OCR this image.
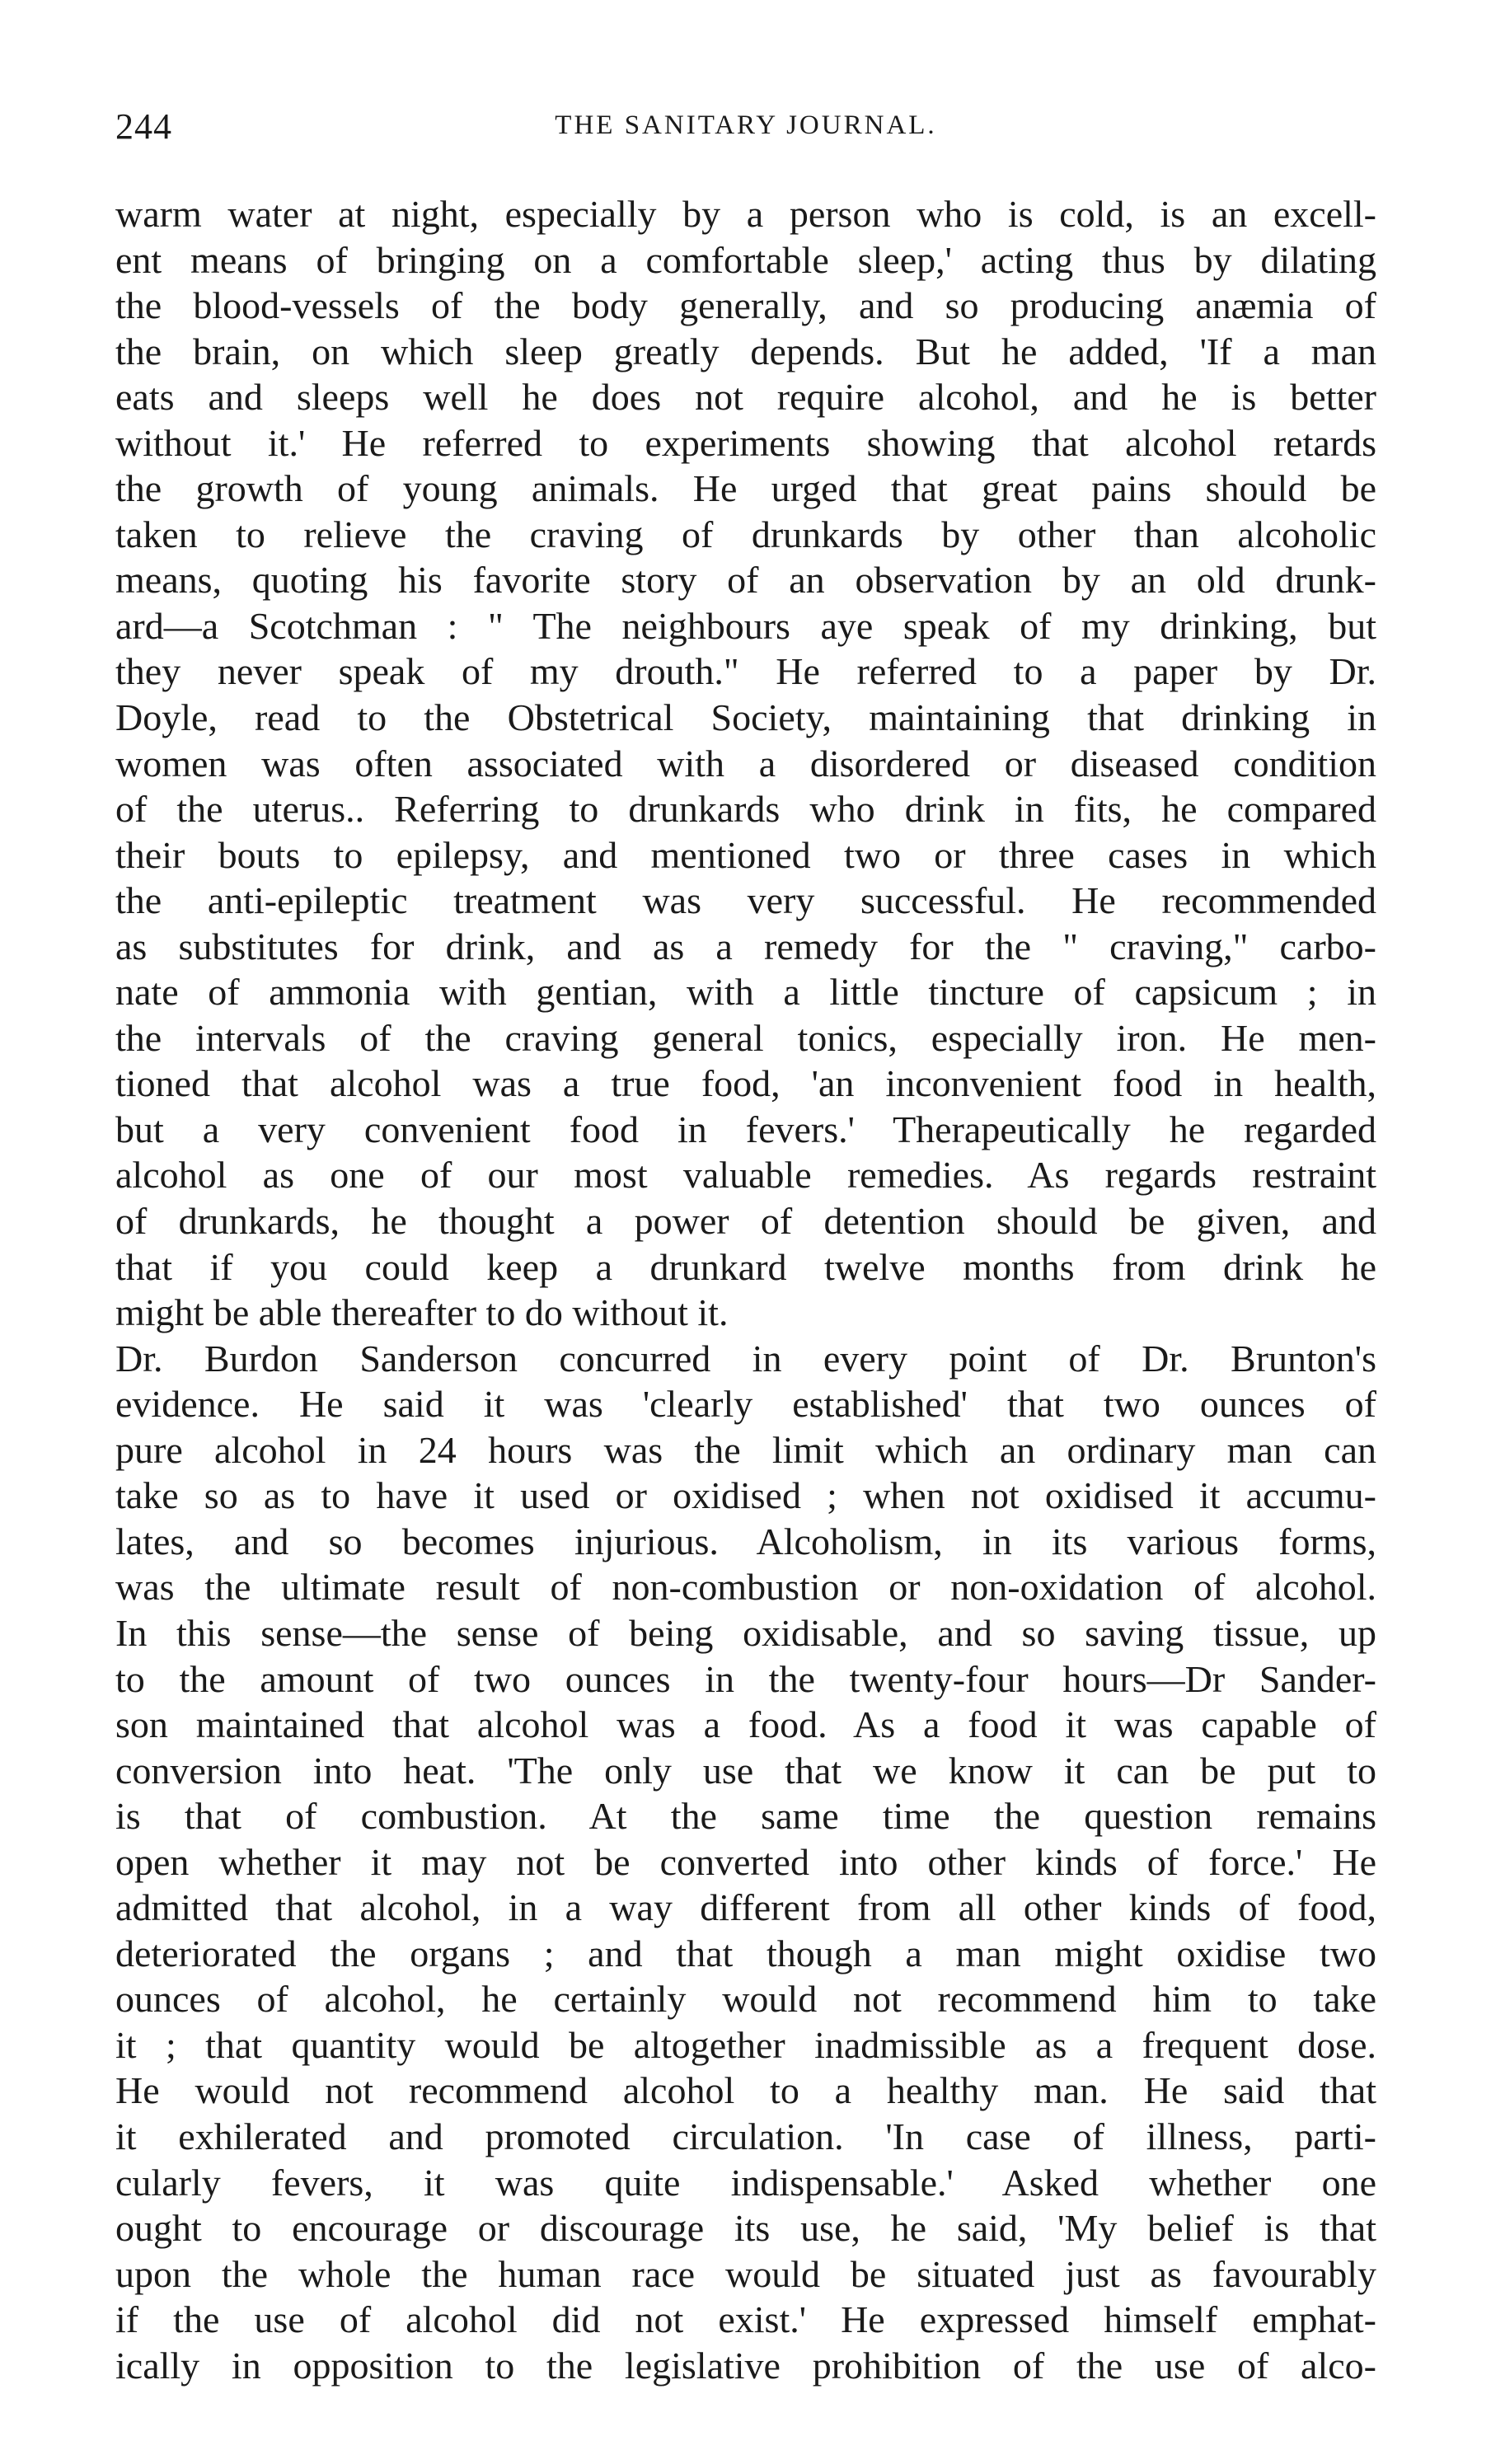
244	THE SANITARY JOURNAL.
warm water at night, especially by a person who is cold, is an excell-
ent means of bringing on a comfortable sleep,' acting thus by dilating
the blood-vessels of the body generally, and so producing anæmia of
the brain, on which sleep greatly depends. But he added, 'If a man
eats and sleeps well he does not require alcohol, and he is better
without it.' He referred to experiments showing that alcohol retards
the growth of young animals. He urged that great pains should be
taken to relieve the craving of drunkards by other than alcoholic
means, quoting his favorite story of an observation by an old drunk-
ard—a Scotchman : " The neighbours aye speak of my drinking, but
they never speak of my drouth." He referred to a paper by Dr.
Doyle, read to the Obstetrical Society, maintaining that drinking in
women was often associated with a disordered or diseased condition
of the uterus.. Referring to drunkards who drink in fits, he compared
their bouts to epilepsy, and mentioned two or three cases in which
the anti-epileptic treatment was very successful. He recommended
as substitutes for drink, and as a remedy for the " craving," carbo-
nate of ammonia with gentian, with a little tincture of capsicum ; in
the intervals of the craving general tonics, especially iron. He men-
tioned that alcohol was a true food, 'an inconvenient food in health,
but a very convenient food in fevers.' Therapeutically he regarded
alcohol as one of our most valuable remedies. As regards restraint
of drunkards, he thought a power of detention should be given, and
that if you could keep a drunkard twelve months from drink he
might be able thereafter to do without it.
Dr. Burdon Sanderson concurred in every point of Dr. Brunton's
evidence. He said it was 'clearly established' that two ounces of
pure alcohol in 24 hours was the limit which an ordinary man can
take so as to have it used or oxidised ; when not oxidised it accumu-
lates, and so becomes injurious. Alcoholism, in its various forms,
was the ultimate result of non-combustion or non-oxidation of alcohol.
In this sense—the sense of being oxidisable, and so saving tissue, up
to the amount of two ounces in the twenty-four hours—Dr Sander-
son maintained that alcohol was a food. As a food it was capable of
conversion into heat. 'The only use that we know it can be put to
is that of combustion. At the same time the question remains
open whether it may not be converted into other kinds of force.' He
admitted that alcohol, in a way different from all other kinds of food,
deteriorated the organs ; and that though a man might oxidise two
ounces of alcohol, he certainly would not recommend him to take
it ; that quantity would be altogether inadmissible as a frequent dose.
He would not recommend alcohol to a healthy man. He said that
it exhilerated and promoted circulation. 'In case of illness, parti-
cularly fevers, it was quite indispensable.' Asked whether one
ought to encourage or discourage its use, he said, 'My belief is that
upon the whole the human race would be situated just as favourably
if the use of alcohol did not exist.' He expressed himself emphat-
ically in opposition to the legislative prohibition of the use of alco-
